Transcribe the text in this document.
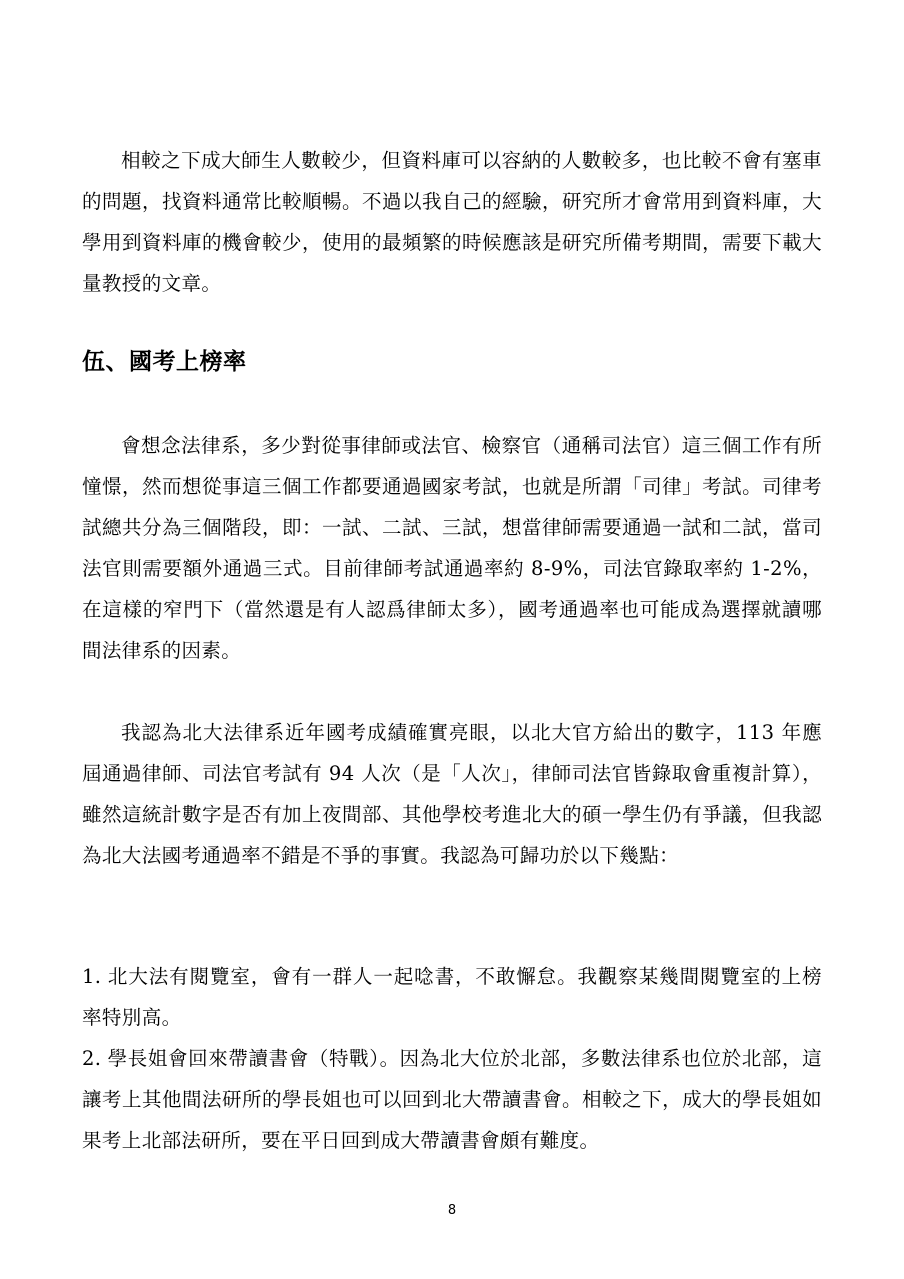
相較之下成大師生人數較少，但資料庫可以容納的人數較多，也比較不會有塞車的問題，找資料通常比較順暢。不過以我自己的經驗，研究所才會常用到資料庫，大學用到資料庫的機會較少，使用的最頻繁的時候應該是研究所備考期間，需要下載大量教授的文章。

伍、國考上榜率

會想念法律系，多少對從事律師或法官、檢察官（通稱司法官）這三個工作有所憧憬，然而想從事這三個工作都要通過國家考試，也就是所謂「司律」考試。司律考試總共分為三個階段，即：一試、二試、三試，想當律師需要通過一試和二試，當司法官則需要額外通過三式。目前律師考試通過率約 8-9%，司法官錄取率約 1-2%，在這樣的窄門下（當然還是有人認爲律師太多），國考通過率也可能成為選擇就讀哪間法律系的因素。

我認為北大法律系近年國考成績確實亮眼，以北大官方給出的數字，113 年應屆通過律師、司法官考試有 94 人次（是「人次」，律師司法官皆錄取會重複計算），雖然這統計數字是否有加上夜間部、其他學校考進北大的碩一學生仍有爭議，但我認為北大法國考通過率不錯是不爭的事實。我認為可歸功於以下幾點：

1. 北大法有閱覽室，會有一群人一起唸書，不敢懈怠。我觀察某幾間閱覽室的上榜率特別高。
2. 學長姐會回來帶讀書會（特戰）。因為北大位於北部，多數法律系也位於北部，這讓考上其他間法研所的學長姐也可以回到北大帶讀書會。相較之下，成大的學長姐如果考上北部法研所，要在平日回到成大帶讀書會頗有難度。
8
